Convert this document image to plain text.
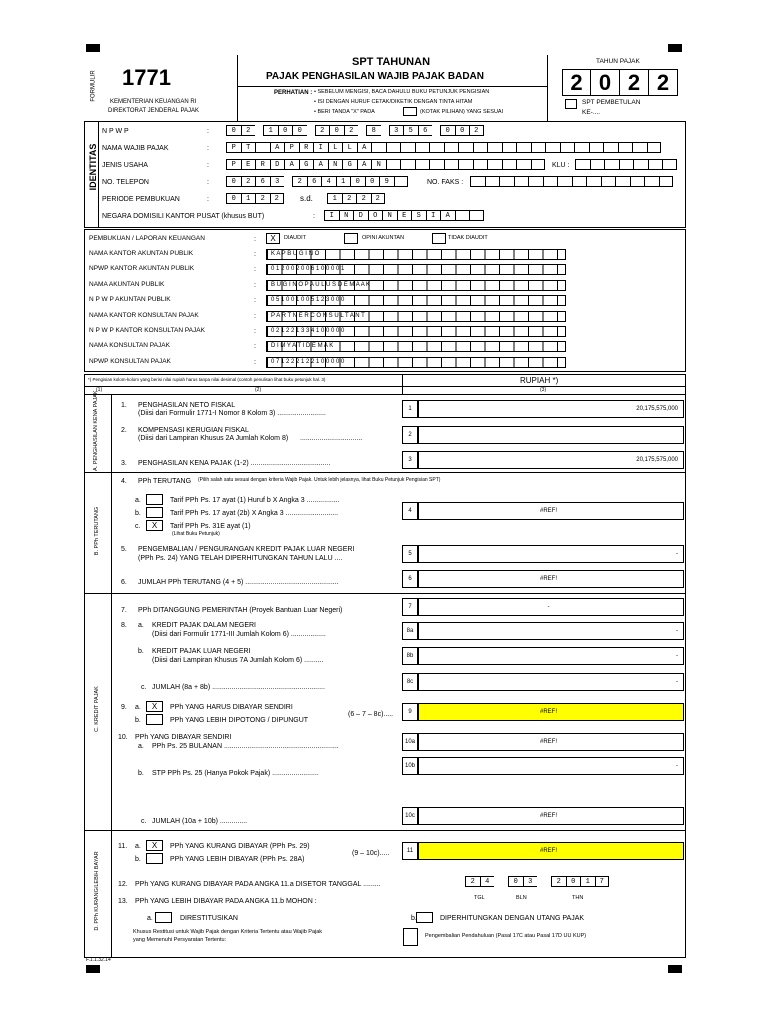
FORMULIR 1771
KEMENTERIAN KEUANGAN RI
DIREKTORAT JENDERAL PAJAK
SPT TAHUNAN
PAJAK PENGHASILAN WAJIB PAJAK BADAN
PERHATIAN : • SEBELUM MENGISI, BACA DAHULU BUKU PETUNJUK PENGISIAN
• ISI DENGAN HURUF CETAK/DIKETIK DENGAN TINTA HITAM
• BERI TANDA "X" PADA	(KOTAK PILIHAN) YANG SESUAI
TAHUN PAJAK
2 0 2 2
SPT PEMBETULAN
KE-....
IDENTITAS
N P W P	:	0	2	1	0	0	2	0	2	8	3	5	6	0	0	2
NAMA WAJIB PAJAK	:	P	T	A	P	R	I	L	L	A
JENIS USAHA	:	P	E	R	D	A	G	A	N	G	A	N	KLU :
NO. TELEPON	:	0	2	6	3	2	6	4	1	0	0	9	NO. FAKS :
PERIODE PEMBUKUAN	:	0	1	2	2	s.d.	1	2	2	2
NEGARA DOMISILI KANTOR PUSAT (khusus BUT)	:	I	N	D	O	N	E	S	I	A
PEMBUKUAN / LAPORAN KEUANGAN	:	X	DIAUDIT	OPINI AKUNTAN	TIDAK DIAUDIT
NAMA KANTOR AKUNTAN PUBLIK	:	K A P B U G I N O
NPWP KANTOR AKUNTAN PUBLIK	:	0 1 2 0 0 2 0 0 6 1 0 0 0 0 1
NAMA AKUNTAN PUBLIK	:	B U G I N O P A U L U S D E M A A K
N P W P AKUNTAN PUBLIK	:	0 5 1 0 0 1 0 0 5 1 2 3 0 0 0
NAMA KANTOR KONSULTAN PAJAK	:	P A R T N E R C O N S U L T A N T
N P W P KANTOR KONSULTAN PAJAK	:	0 2 1 2 2 1 3 3 4 1 0 0 0 0 0
NAMA KONSULTAN PAJAK	:	D I M Y A T I D E M A K
NPWP KONSULTAN PAJAK	:	0 7 1 2 2 2 1 2 2 1 0 0 0 0 0
*) Pengisian kolom-kolom yang berisi nilai rupiah harus tanpa nilai desimal (contoh penulisan lihat buku petunjuk hal. 3)	RUPIAH *)
(1)	(2)	(3)
A. PENGHASILAN KENA PAJAK
B. PPh TERUTANG
C. KREDIT PAJAK
D. PPh KURANG/LEBIH BAYAR
1. PENGHASILAN NETO FISKAL
(Diisi dari Formulir 1771-I Nomor 8 Kolom 3) .........................
1	20,175,575,000
2. KOMPENSASI KERUGIAN FISKAL
(Diisi dari Lampiran Khusus 2A Jumlah Kolom 8) ................................	2
3. PENGHASILAN KENA PAJAK (1-2) .........................................	3	20,175,575,000
4. PPh TERUTANG (Pilih salah satu sesuai dengan kriteria Wajib Pajak. Untuk lebih jelasnya, lihat Buku Petunjuk Pengisian SPT)
a.	Tarif PPh Ps. 17 ayat (1) Huruf b X Angka 3 .................
b.	Tarif PPh Ps. 17 ayat (2b) X Angka 3 ...........................
c.	X	Tarif PPh Ps. 31E ayat (1)
(Lihat Buku Petunjuk)
4	#REF!
5. PENGEMBALIAN / PENGURANGAN KREDIT PAJAK LUAR NEGERI
(PPh Ps. 24) YANG TELAH DIPERHITUNGKAN TAHUN LALU ....
5	-
6. JUMLAH PPh TERUTANG (4 + 5) ................................................	6	#REF!
7. PPh DITANGGUNG PEMERINTAH (Proyek Bantuan Luar Negeri)	7	-
8. a. KREDIT PAJAK DALAM NEGERI
(Diisi dari Formulir 1771-III Jumlah Kolom 6) ..................	8a	-
b. KREDIT PAJAK LUAR NEGERI
(Diisi dari Lampiran Khusus 7A Jumlah Kolom 6) ..........
8b	-
c. JUMLAH (8a + 8b) ..........................................................
8c	-
9. a.	X	PPh YANG HARUS DIBAYAR SENDIRI
b.	PPh YANG LEBIH DIPOTONG / DIPUNGUT
(6 – 7 – 8c).....	9	#REF!
10. PPh YANG DIBAYAR SENDIRI
a. PPh Ps. 25 BULANAN ...........................................................
10a	#REF!
b. STP PPh Ps. 25 (Hanya Pokok Pajak) ........................
10b	-
c. JUMLAH (10a + 10b) ..............
10c	#REF!
11. a.	X	PPh YANG KURANG DIBAYAR (PPh Ps. 29)
b.	PPh YANG LEBIH DIBAYAR (PPh Ps. 28A)
(9 – 10c).....	11	#REF!
12. PPh YANG KURANG DIBAYAR PADA ANGKA 11.a DISETOR TANGGAL .........	2	4	0	3	2	0	1	7
TGL	BLN	THN
13. PPh YANG LEBIH DIBAYAR PADA ANGKA 11.b MOHON :
a.	DIRESTITUSIKAN	b.	DIPERHITUNGKAN DENGAN UTANG PAJAK
Khusus Restitusi untuk Wajib Pajak dengan Kriteria Tertentu atau Wajib Pajak
yang Memenuhi Persyaratan Tertentu:
Pengembalian Pendahuluan (Pasal 17C atau Pasal 17D UU KUP)
F.1.1.32.14
